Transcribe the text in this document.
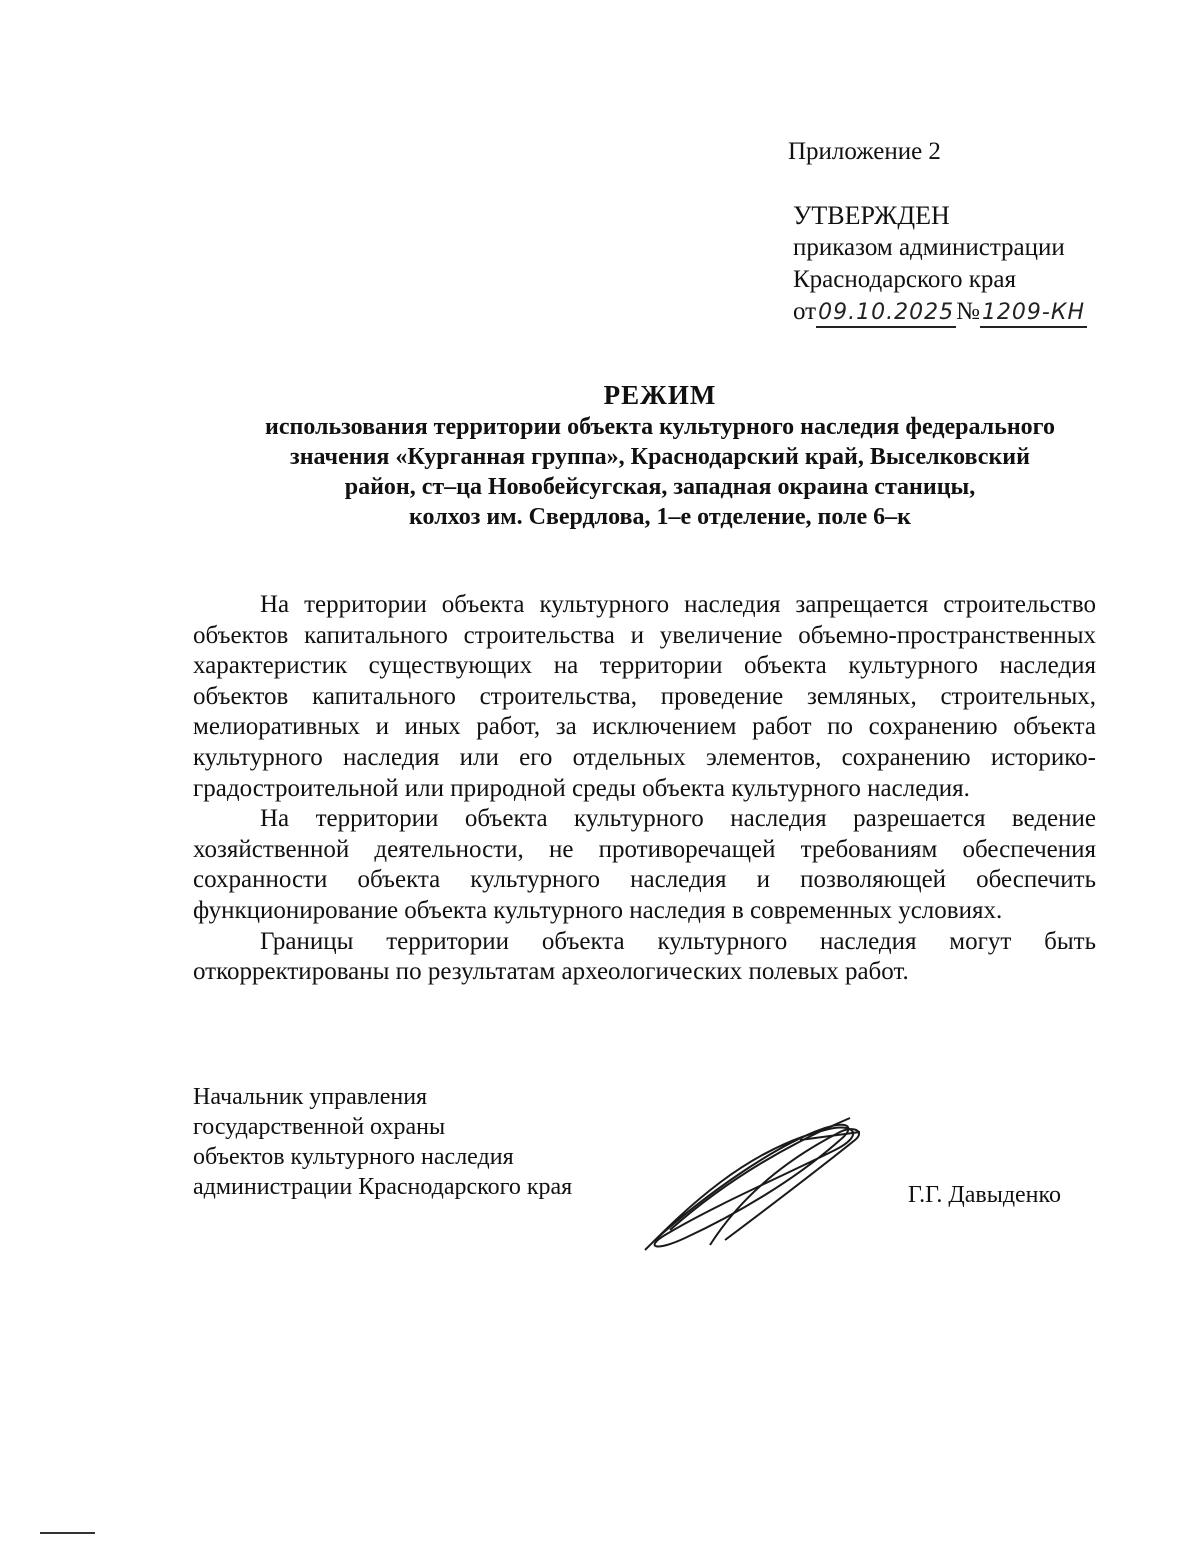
Приложение 2
УТВЕРЖДЕН
приказом администрации
Краснодарского края
от09.10.2025№1209-КН
РЕЖИМ
использования территории объекта культурного наследия федерального
значения «Курганная группа», Краснодарский край, Выселковский
район, ст–ца Новобейсугская, западная окраина станицы,
колхоз им. Свердлова, 1–е отделение, поле 6–к

На территории объекта культурного наследия запрещается строительство объектов капитального строительства и увеличение объемно-пространственных характеристик существующих на территории объекта культурного наследия объектов капитального строительства, проведение земляных, строительных, мелиоративных и иных работ, за исключением работ по сохранению объекта культурного наследия или его отдельных элементов, сохранению историко-градостроительной или природной среды объекта культурного наследия.

На территории объекта культурного наследия разрешается ведение хозяйственной деятельности, не противоречащей требованиям обеспечения сохранности объекта культурного наследия и позволяющей обеспечить функционирование объекта культурного наследия в современных условиях.

Границы территории объекта культурного наследия могут быть откорректированы по результатам археологических полевых работ.

Начальник управления
государственной охраны
объектов культурного наследия
администрации Краснодарского края	Г.Г. Давыденко
